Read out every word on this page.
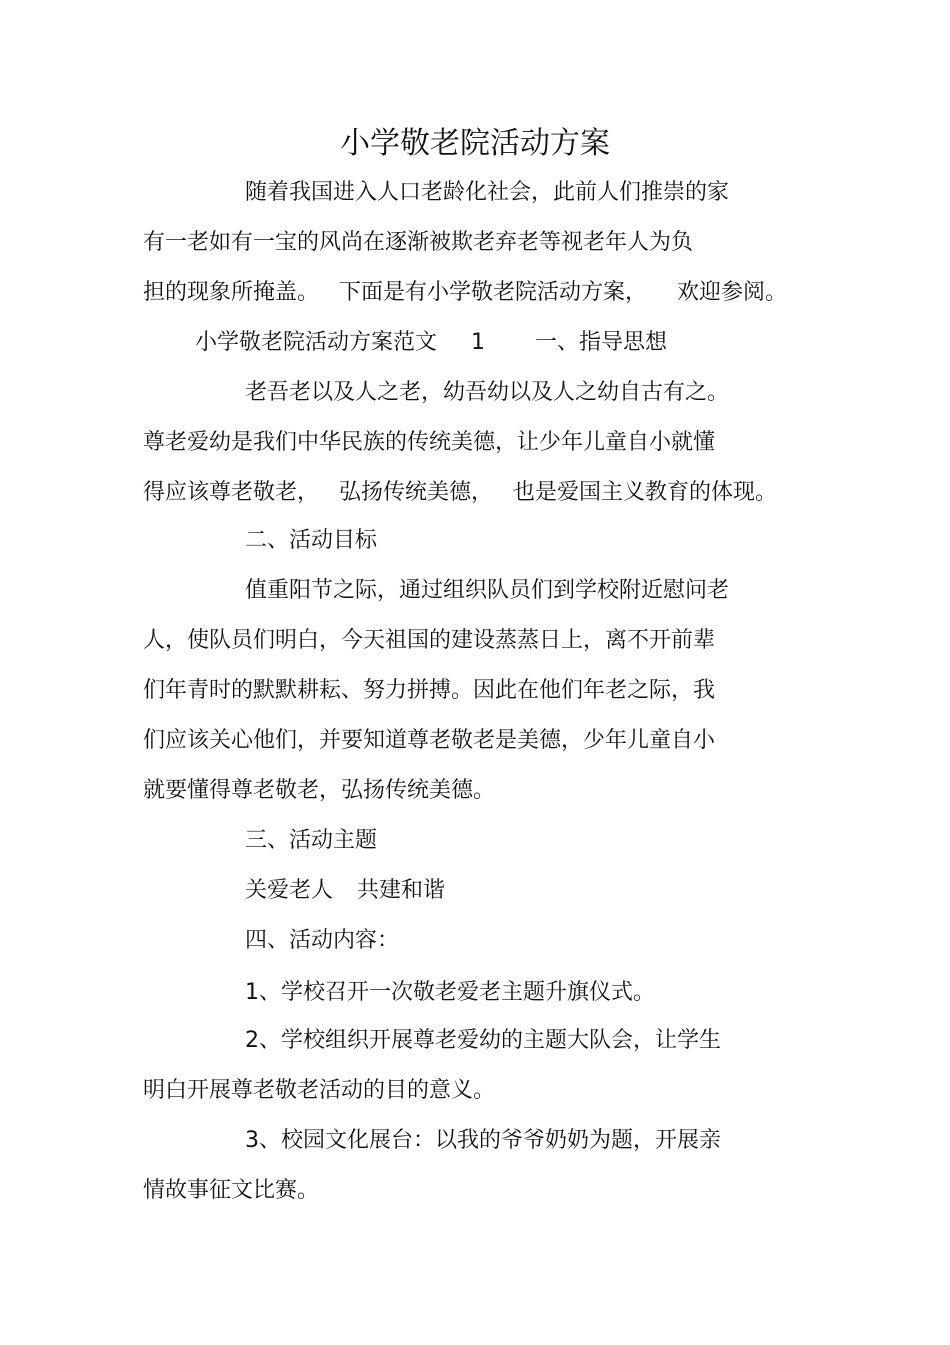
小学敬老院活动方案
随着我国进入人口老龄化社会，此前人们推崇的家
有一老如有一宝的风尚在逐渐被欺老弃老等视老年人为负
担的现象所掩盖。 下面是有小学敬老院活动方案， 欢迎参阅。
小学敬老院活动方案范文 1 一、指导思想
老吾老以及人之老，幼吾幼以及人之幼自古有之。
尊老爱幼是我们中华民族的传统美德，让少年儿童自小就懂
得应该尊老敬老， 弘扬传统美德， 也是爱国主义教育的体现。
二、活动目标
值重阳节之际，通过组织队员们到学校附近慰问老
人，使队员们明白，今天祖国的建设蒸蒸日上，离不开前辈
们年青时的默默耕耘、努力拼搏。因此在他们年老之际，我
们应该关心他们，并要知道尊老敬老是美德，少年儿童自小
就要懂得尊老敬老，弘扬传统美德。
三、活动主题
关爱老人 共建和谐
四、活动内容：
1、学校召开一次敬老爱老主题升旗仪式。
2、学校组织开展尊老爱幼的主题大队会，让学生
明白开展尊老敬老活动的目的意义。
3、校园文化展台：以我的爷爷奶奶为题，开展亲
情故事征文比赛。
